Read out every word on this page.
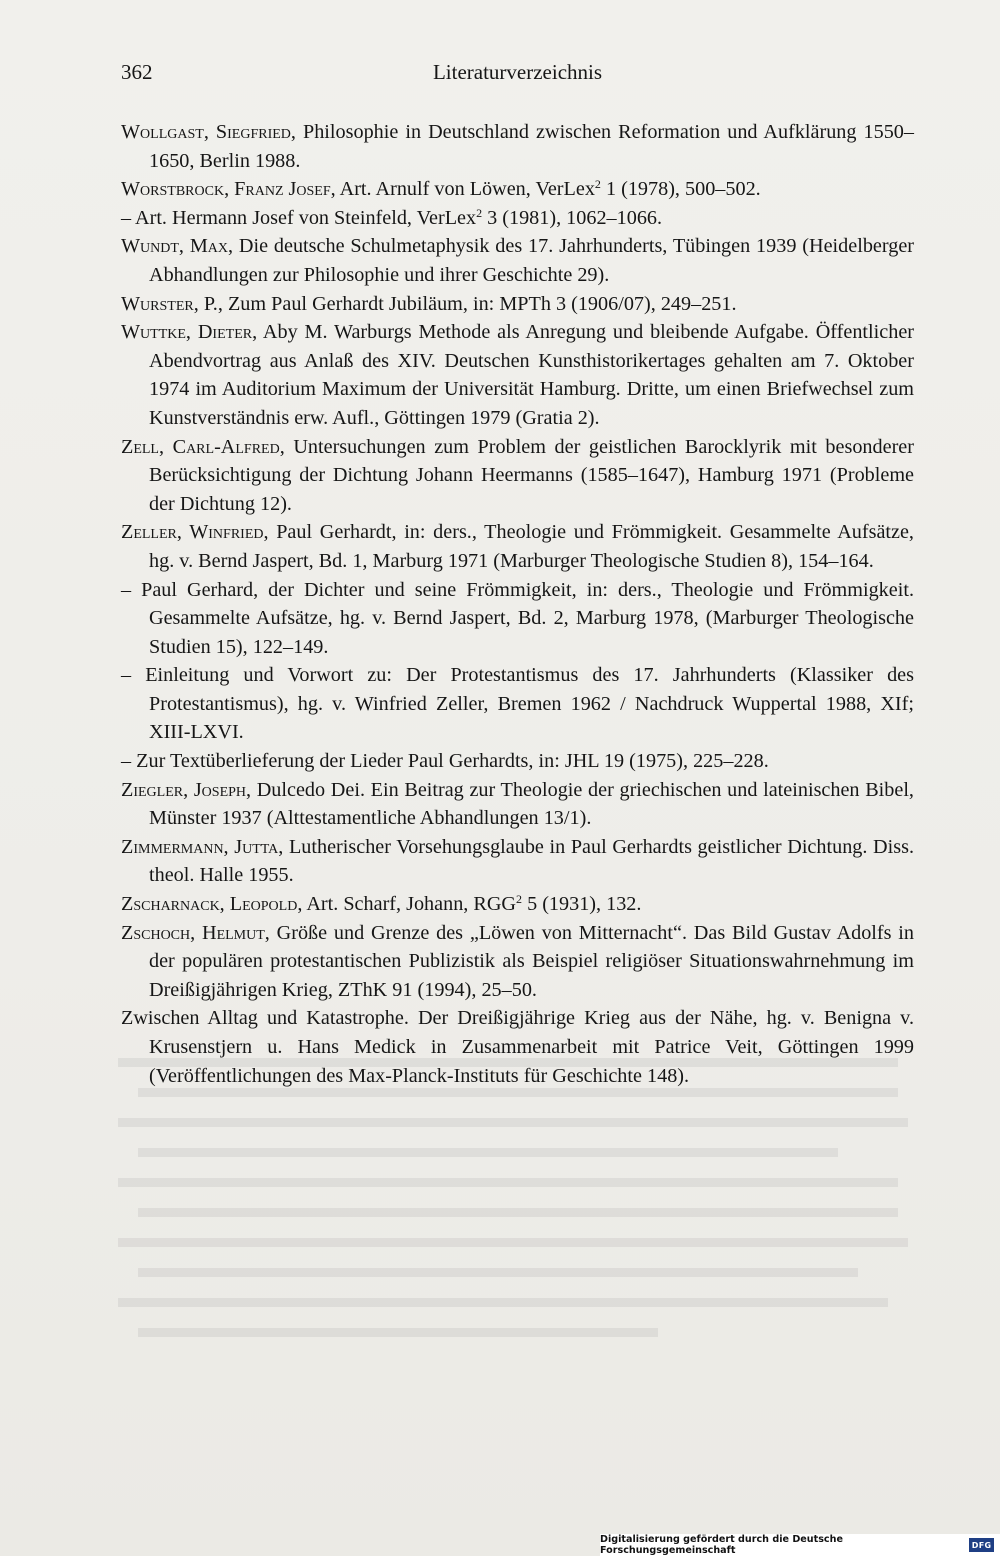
362	Literaturverzeichnis
Wollgast, Siegfried, Philosophie in Deutschland zwischen Reformation und Aufklärung 1550–1650, Berlin 1988.
Worstbrock, Franz Josef, Art. Arnulf von Löwen, VerLex$^2$ 1 (1978), 500–502.
– Art. Hermann Josef von Steinfeld, VerLex$^2$ 3 (1981), 1062–1066.
Wundt, Max, Die deutsche Schulmetaphysik des 17. Jahrhunderts, Tübingen 1939 (Heidelberger Abhandlungen zur Philosophie und ihrer Geschichte 29).
Wurster, P., Zum Paul Gerhardt Jubiläum, in: MPTh 3 (1906/07), 249–251.
Wuttke, Dieter, Aby M. Warburgs Methode als Anregung und bleibende Aufgabe. Öffentlicher Abendvortrag aus Anlaß des XIV. Deutschen Kunsthistorikertages gehalten am 7. Oktober 1974 im Auditorium Maximum der Universität Hamburg. Dritte, um einen Briefwechsel zum Kunstverständnis erw. Aufl., Göttingen 1979 (Gratia 2).
Zell, Carl-Alfred, Untersuchungen zum Problem der geistlichen Barocklyrik mit besonderer Berücksichtigung der Dichtung Johann Heermanns (1585–1647), Hamburg 1971 (Probleme der Dichtung 12).
Zeller, Winfried, Paul Gerhardt, in: ders., Theologie und Frömmigkeit. Gesammelte Aufsätze, hg. v. Bernd Jaspert, Bd. 1, Marburg 1971 (Marburger Theologische Studien 8), 154–164.
– Paul Gerhard, der Dichter und seine Frömmigkeit, in: ders., Theologie und Frömmigkeit. Gesammelte Aufsätze, hg. v. Bernd Jaspert, Bd. 2, Marburg 1978, (Marburger Theologische Studien 15), 122–149.
– Einleitung und Vorwort zu: Der Protestantismus des 17. Jahrhunderts (Klassiker des Protestantismus), hg. v. Winfried Zeller, Bremen 1962 / Nachdruck Wuppertal 1988, XIf; XIII-LXVI.
– Zur Textüberlieferung der Lieder Paul Gerhardts, in: JHL 19 (1975), 225–228.
Ziegler, Joseph, Dulcedo Dei. Ein Beitrag zur Theologie der griechischen und lateinischen Bibel, Münster 1937 (Alttestamentliche Abhandlungen 13/1).
Zimmermann, Jutta, Lutherischer Vorsehungsglaube in Paul Gerhardts geistlicher Dichtung. Diss. theol. Halle 1955.
Zscharnack, Leopold, Art. Scharf, Johann, RGG$^2$ 5 (1931), 132.
Zschoch, Helmut, Größe und Grenze des „Löwen von Mitternacht“. Das Bild Gustav Adolfs in der populären protestantischen Publizistik als Beispiel religiöser Situationswahrnehmung im Dreißigjährigen Krieg, ZThK 91 (1994), 25–50.
Zwischen Alltag und Katastrophe. Der Dreißigjährige Krieg aus der Nähe, hg. v. Benigna v. Krusenstjern u. Hans Medick in Zusammenarbeit mit Patrice Veit, Göttingen 1999 (Veröffentlichungen des Max-Planck-Instituts für Geschichte 148).
Digitalisierung gefördert durch die Deutsche Forschungsgemeinschaft	DFG
